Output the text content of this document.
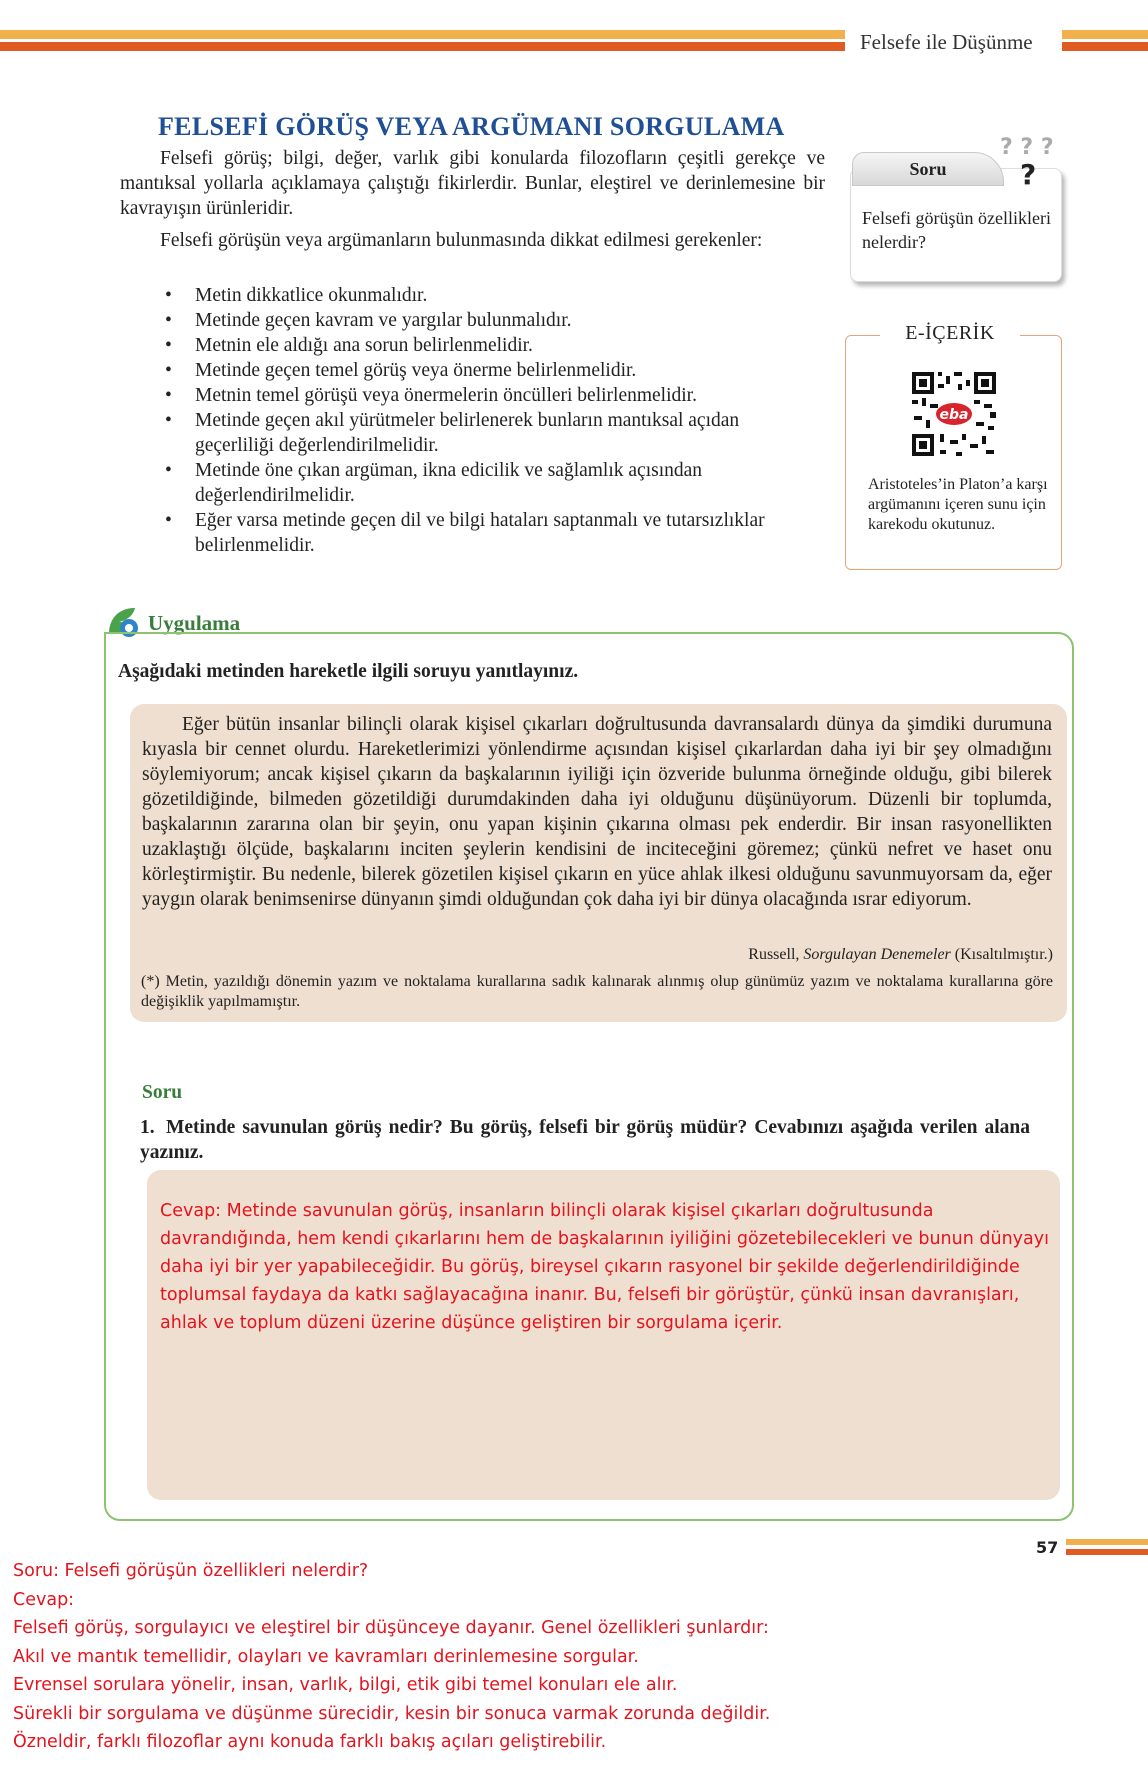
Felsefe ile Düşünme
FELSEFİ GÖRÜŞ VEYA ARGÜMANI SORGULAMA
Felsefi görüş; bilgi, değer, varlık gibi konularda filozofların çeşitli gerekçe ve mantıksal yollarla açıklamaya çalıştığı fikirlerdir. Bunlar, eleştirel ve derinlemesine bir kavrayışın ürünleridir.
Felsefi görüşün veya argümanların bulunmasında dikkat edilmesi gerekenler:
• Metin dikkatlice okunmalıdır.
• Metinde geçen kavram ve yargılar bulunmalıdır.
• Metnin ele aldığı ana sorun belirlenmelidir.
• Metinde geçen temel görüş veya önerme belirlenmelidir.
• Metnin temel görüşü veya önermelerin öncülleri belirlenmelidir.
• Metinde geçen akıl yürütmeler belirlenerek bunların mantıksal açıdan geçerliliği değerlendirilmelidir.
• Metinde öne çıkan argüman, ikna edicilik ve sağlamlık açısından değerlendirilmelidir.
• Eğer varsa metinde geçen dil ve bilgi hataları saptanmalı ve tutarsızlıklar belirlenmelidir.
Soru
? ? ?
?
Felsefi görüşün özellikleri nelerdir?
E-İÇERİK
eba
Aristoteles’in Platon’a karşı argümanını içeren sunu için karekodu okutunuz.
Uygulama
Aşağıdaki metinden hareketle ilgili soruyu yanıtlayınız.
Eğer bütün insanlar bilinçli olarak kişisel çıkarları doğrultusunda davransalardı dünya da şimdiki durumuna kıyasla bir cennet olurdu. Hareketlerimizi yönlendirme açısından kişisel çıkarlardan daha iyi bir şey olmadığını söylemiyorum; ancak kişisel çıkarın da başkalarının iyiliği için özveride bulunma örneğinde olduğu, gibi bilerek gözetildiğinde, bilmeden gözetildiği durumdakinden daha iyi olduğunu düşünüyorum. Düzenli bir toplumda, başkalarının zararına olan bir şeyin, onu yapan kişinin çıkarına olması pek enderdir. Bir insan rasyonellikten uzaklaştığı ölçüde, başkalarını inciten şeylerin kendisini de inciteceğini göremez; çünkü nefret ve haset onu körleştirmiştir. Bu nedenle, bilerek gözetilen kişisel çıkarın en yüce ahlak ilkesi olduğunu savunmuyorsam da, eğer yaygın olarak benimsenirse dünyanın şimdi olduğundan çok daha iyi bir dünya olacağında ısrar ediyorum.
Russell, Sorgulayan Denemeler (Kısaltılmıştır.)
(*) Metin, yazıldığı dönemin yazım ve noktalama kurallarına sadık kalınarak alınmış olup günümüz yazım ve noktalama kurallarına göre değişiklik yapılmamıştır.
Soru
1. Metinde savunulan görüş nedir? Bu görüş, felsefi bir görüş müdür? Cevabınızı aşağıda verilen alana yazınız.
Cevap: Metinde savunulan görüş, insanların bilinçli olarak kişisel çıkarları doğrultusunda
davrandığında, hem kendi çıkarlarını hem de başkalarının iyiliğini gözetebilecekleri ve bunun dünyayı
daha iyi bir yer yapabileceğidir. Bu görüş, bireysel çıkarın rasyonel bir şekilde değerlendirildiğinde
toplumsal faydaya da katkı sağlayacağına inanır. Bu, felsefi bir görüştür, çünkü insan davranışları,
ahlak ve toplum düzeni üzerine düşünce geliştiren bir sorgulama içerir.
57
Soru: Felsefi görüşün özellikleri nelerdir?
Cevap:
Felsefi görüş, sorgulayıcı ve eleştirel bir düşünceye dayanır. Genel özellikleri şunlardır:
Akıl ve mantık temellidir, olayları ve kavramları derinlemesine sorgular.
Evrensel sorulara yönelir, insan, varlık, bilgi, etik gibi temel konuları ele alır.
Sürekli bir sorgulama ve düşünme sürecidir, kesin bir sonuca varmak zorunda değildir.
Özneldir, farklı filozoflar aynı konuda farklı bakış açıları geliştirebilir.
